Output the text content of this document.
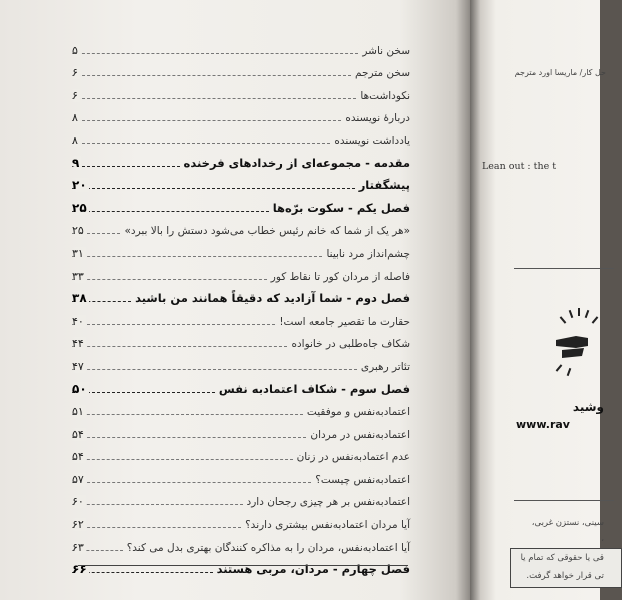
سخن ناشر
۵
سخن مترجم
۶
نکوداشت‌ها
۶
دربارهٔ نویسنده
۸
یادداشت نویسنده
۸
مقدمه - مجموعه‌ای از رخدادهای فرخنده
۹
پیشگفتار
۲۰
فصل یکم - سکوت برّه‌ها
۲۵
«هر یک از شما که خانم رئیس خطاب می‌شود دستش را بالا ببرد»
۲۵
چشم‌انداز مرد نابینا
۳۱
فاصله از مردان کور تا نقاط کور
۳۳
فصل دوم - شما آزادید که دقیقاً همانند من باشید
۳۸
حقارت ما تقصیر جامعه است!
۴۰
شکاف جاه‌طلبی در خانواده
۴۴
تئاتر رهبری
۴۷
فصل سوم - شکاف اعتمادبه نفس
۵۰
اعتمادبه‌نفس و موفقیت
۵۱
اعتمادبه‌نفس در مردان
۵۴
عدم اعتمادبه‌نفس در زنان
۵۴
اعتمادبه‌نفس چیست؟
۵۷
اعتمادبه‌نفس بر هر چیزی رجحان دارد
۶۰
آیا مردان اعتمادبه‌نفس بیشتری دارند؟
۶۲
آیا اعتمادبه‌نفس، مردان را به مذاکره کنندگان بهتری بدل می کند؟
۶۳
فصل چهارم - مردان، مربی هستند
۶۶
حل کار/ ماریسا اورد مترجم
Lean out : the t
وشید
www.rav
سینی، نستزن غربی،
،
قی یا حقوقی که تمام یا
تی قرار خواهد گرفت.
